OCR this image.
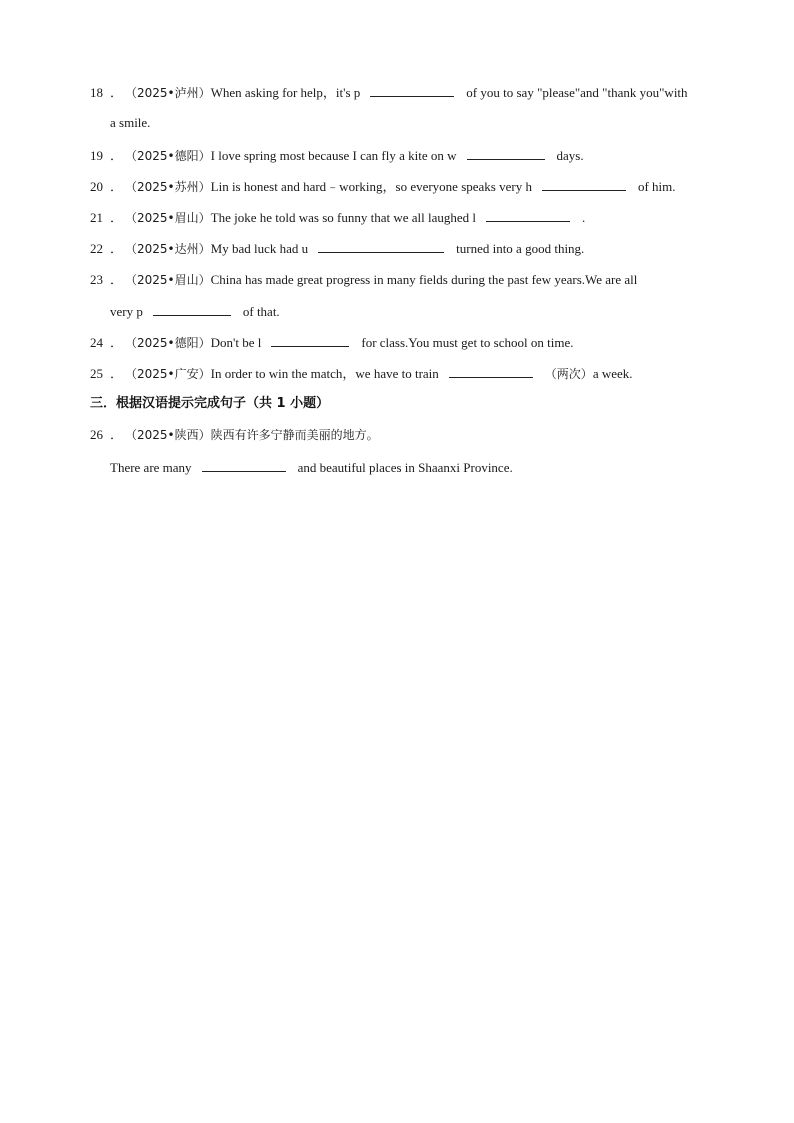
18 ． （2025•泸州）When asking for help，it's p	of you to say "please"and "thank you"with
a smile.
19 ． （2025•德阳）I love spring most because I can fly a kite on w	days.
20 ． （2025•苏州）Lin is honest and hard﹣working，so everyone speaks very h	of him.
21 ． （2025•眉山）The joke he told was so funny that we all laughed l	.
22 ． （2025•达州）My bad luck had u	turned into a good thing.
23 ． （2025•眉山）China has made great progress in many fields during the past few years.We are all
very p	of that.
24 ． （2025•德阳）Don't be l	for class.You must get to school on time.
25 ． （2025•广安）In order to win the match，we have to train	（两次）a week.
三．根据汉语提示完成句子（共 1 小题）
26 ． （2025•陕西）陕西有许多宁静而美丽的地方。
There are many	and beautiful places in Shaanxi Province.
